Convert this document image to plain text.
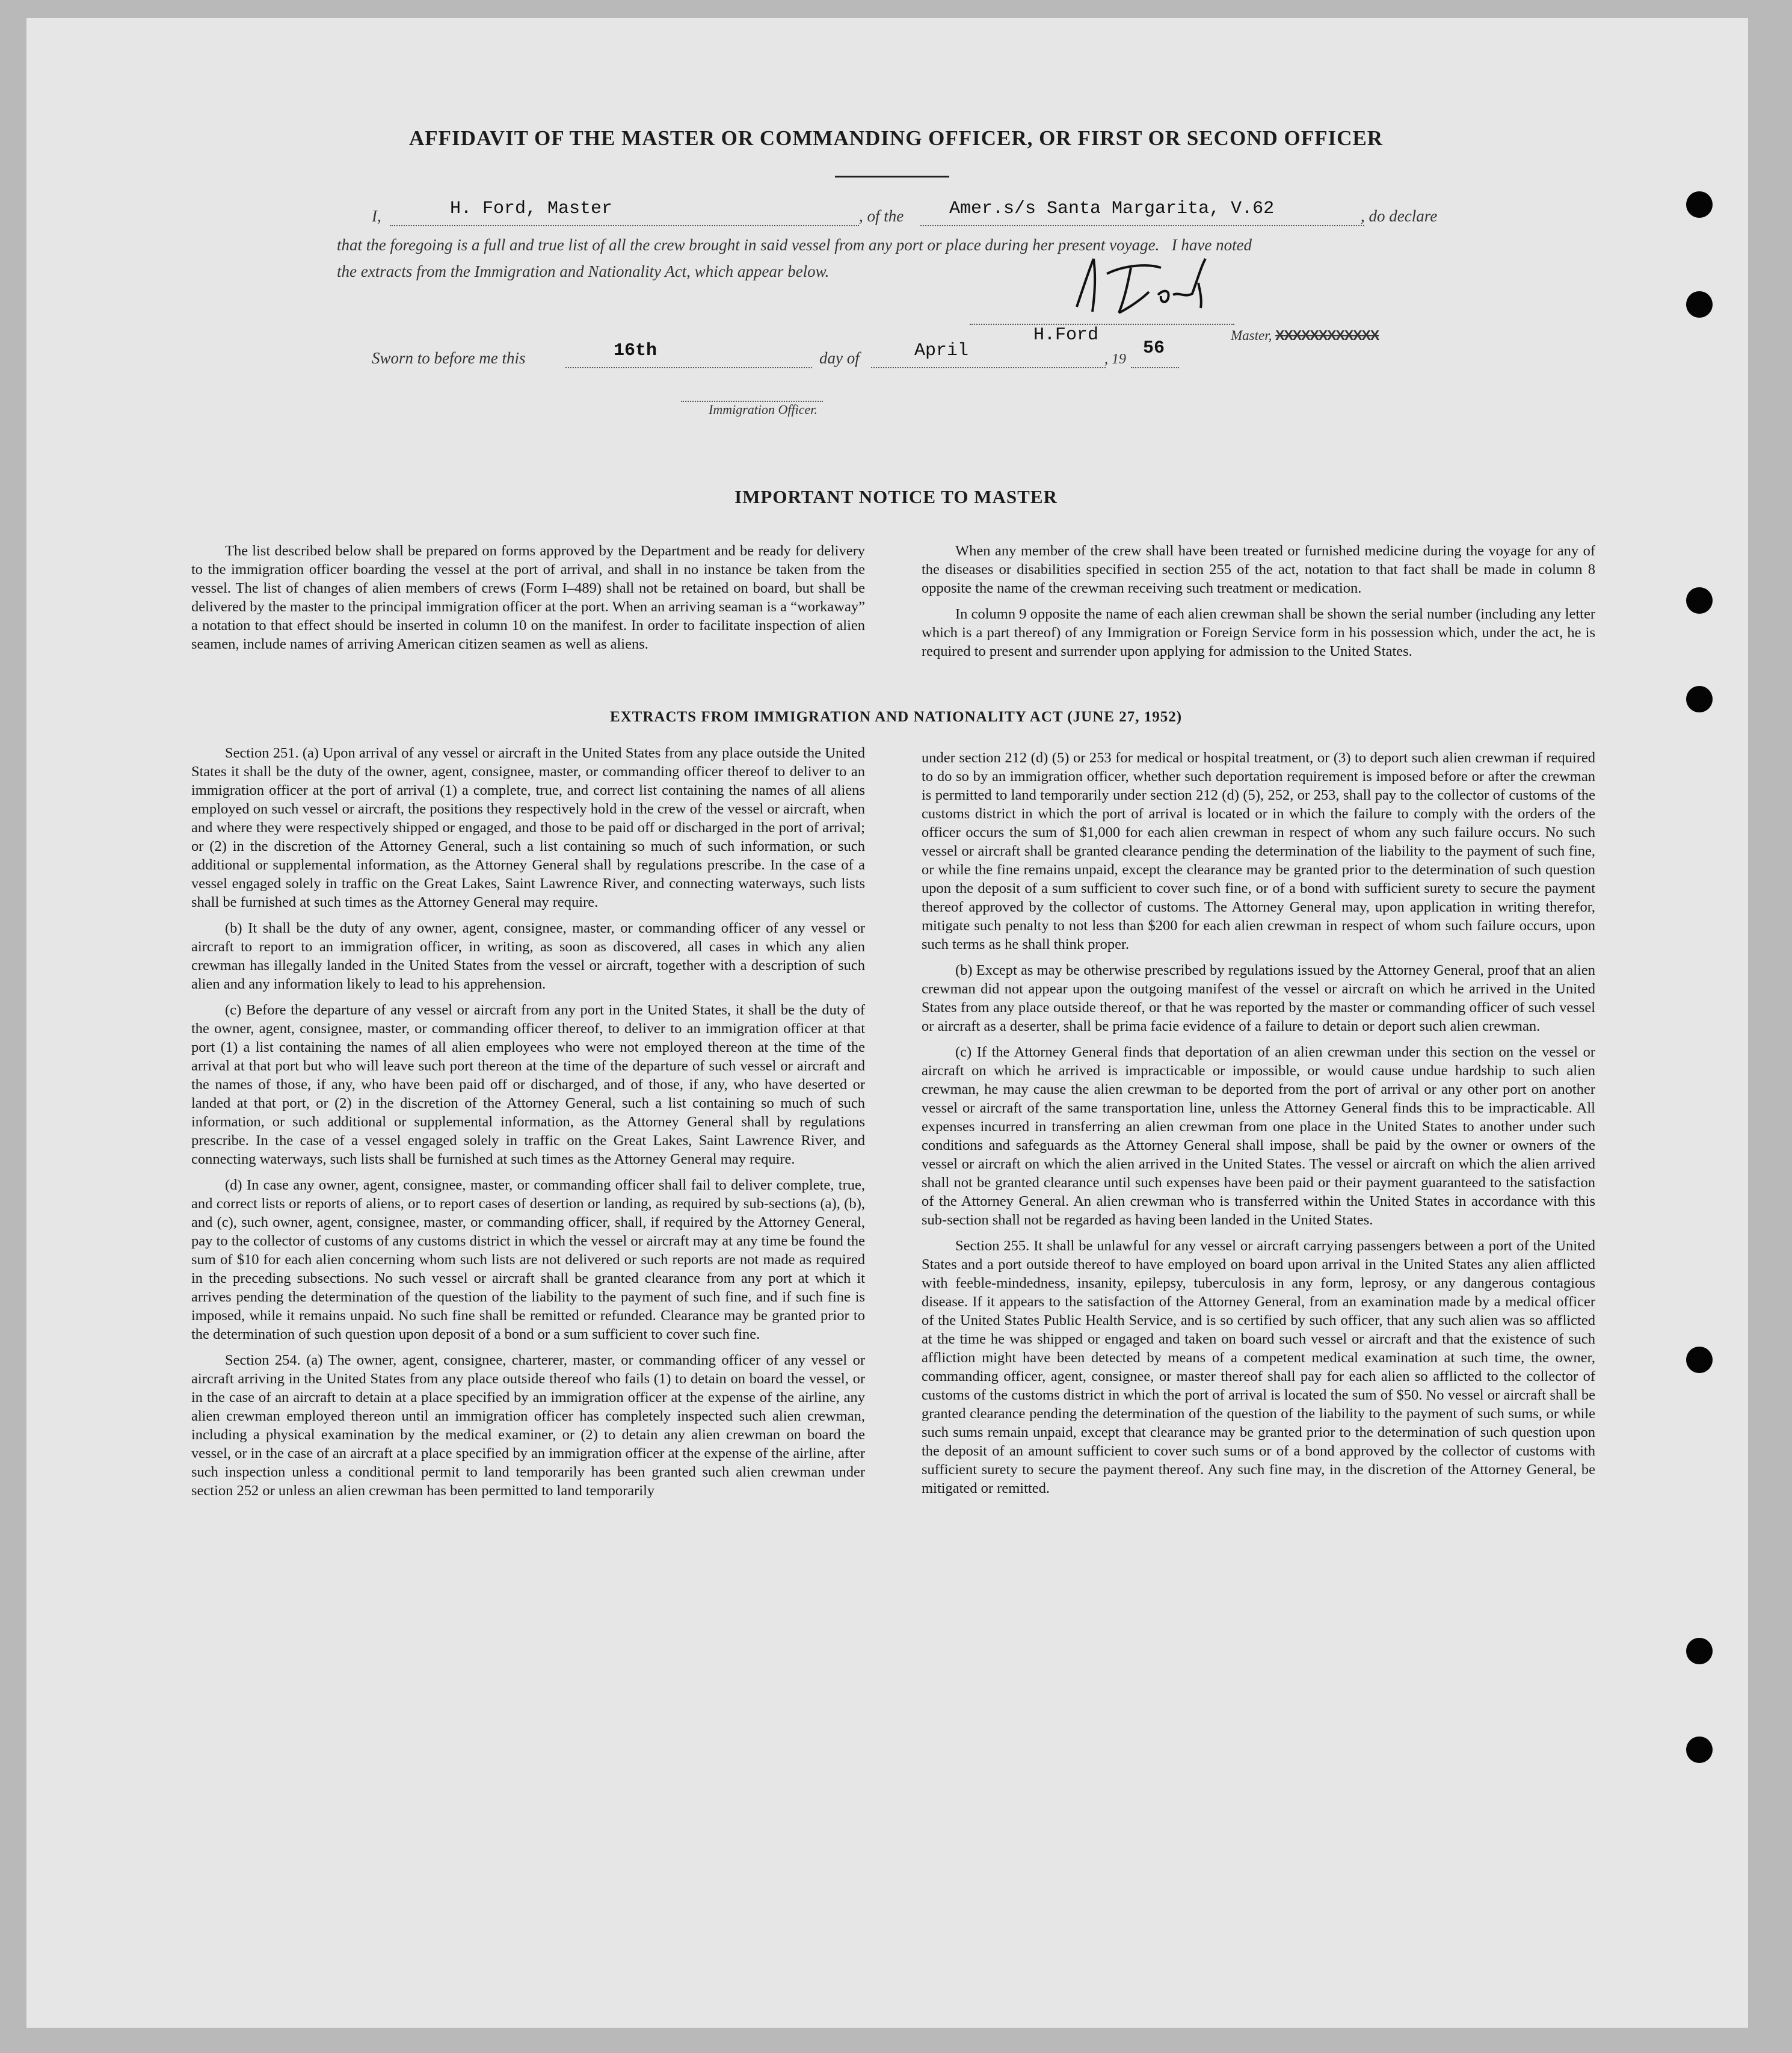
AFFIDAVIT OF THE MASTER OR COMMANDING OFFICER, OR FIRST OR SECOND OFFICER
I,	H. Ford, Master	, of the	Amer.s/s Santa Margarita, V.62	, do declare
that the foregoing is a full and true list of all the crew brought in said vessel from any port or place during her present voyage.   I have noted
the extracts from the Immigration and Nationality Act, which appear below.
H.Ford	Master, XXXXXXXXXXXX
Sworn to before me this	16th	day of	April	, 19
56
Immigration Officer.
IMPORTANT NOTICE TO MASTER

The list described below shall be prepared on forms approved by the Department and be ready for delivery to the immigration officer boarding the vessel at the port of arrival, and shall in no instance be taken from the vessel. The list of changes of alien members of crews (Form I–489) shall not be retained on board, but shall be delivered by the master to the principal immigration officer at the port. When an arriving seaman is a “workaway” a notation to that effect should be inserted in column 10 on the manifest. In order to facilitate inspection of alien seamen, include names of arriving American citizen seamen as well as aliens.

When any member of the crew shall have been treated or furnished medicine during the voyage for any of the diseases or disabilities specified in section 255 of the act, notation to that fact shall be made in column 8 opposite the name of the crewman receiving such treatment or medication.

In column 9 opposite the name of each alien crewman shall be shown the serial number (including any letter which is a part thereof) of any Immigration or Foreign Service form in his possession which, under the act, he is required to present and surrender upon applying for admission to the United States.

EXTRACTS FROM IMMIGRATION AND NATIONALITY ACT (JUNE 27, 1952)

Section 251. (a) Upon arrival of any vessel or aircraft in the United States from any place outside the United States it shall be the duty of the owner, agent, consignee, master, or commanding officer thereof to deliver to an immigration officer at the port of arrival (1) a complete, true, and correct list containing the names of all aliens employed on such vessel or aircraft, the positions they respectively hold in the crew of the vessel or aircraft, when and where they were respectively shipped or engaged, and those to be paid off or discharged in the port of arrival; or (2) in the discretion of the Attorney General, such a list containing so much of such information, or such additional or supplemental information, as the Attorney General shall by regulations prescribe. In the case of a vessel engaged solely in traffic on the Great Lakes, Saint Lawrence River, and connecting waterways, such lists shall be furnished at such times as the Attorney General may require.

(b) It shall be the duty of any owner, agent, consignee, master, or commanding officer of any vessel or aircraft to report to an immigration officer, in writing, as soon as discovered, all cases in which any alien crewman has illegally landed in the United States from the vessel or aircraft, together with a description of such alien and any information likely to lead to his apprehension.

(c) Before the departure of any vessel or aircraft from any port in the United States, it shall be the duty of the owner, agent, consignee, master, or commanding officer thereof, to deliver to an immigration officer at that port (1) a list containing the names of all alien employees who were not employed thereon at the time of the arrival at that port but who will leave such port thereon at the time of the departure of such vessel or aircraft and the names of those, if any, who have been paid off or discharged, and of those, if any, who have deserted or landed at that port, or (2) in the discretion of the Attorney General, such a list containing so much of such information, or such additional or supplemental information, as the Attorney General shall by regulations prescribe. In the case of a vessel engaged solely in traffic on the Great Lakes, Saint Lawrence River, and connecting waterways, such lists shall be furnished at such times as the Attorney General may require.

(d) In case any owner, agent, consignee, master, or commanding officer shall fail to deliver complete, true, and correct lists or reports of aliens, or to report cases of desertion or landing, as required by sub-sections (a), (b), and (c), such owner, agent, consignee, master, or commanding officer, shall, if required by the Attorney General, pay to the collector of customs of any customs district in which the vessel or aircraft may at any time be found the sum of $10 for each alien concerning whom such lists are not delivered or such reports are not made as required in the preceding subsections. No such vessel or aircraft shall be granted clearance from any port at which it arrives pending the determination of the question of the liability to the payment of such fine, and if such fine is imposed, while it remains unpaid. No such fine shall be remitted or refunded. Clearance may be granted prior to the determination of such question upon deposit of a bond or a sum sufficient to cover such fine.

Section 254. (a) The owner, agent, consignee, charterer, master, or commanding officer of any vessel or aircraft arriving in the United States from any place outside thereof who fails (1) to detain on board the vessel, or in the case of an aircraft to detain at a place specified by an immigration officer at the expense of the airline, any alien crewman employed thereon until an immigration officer has completely inspected such alien crewman, including a physical examination by the medical examiner, or (2) to detain any alien crewman on board the vessel, or in the case of an aircraft at a place specified by an immigration officer at the expense of the airline, after such inspection unless a conditional permit to land temporarily has been granted such alien crewman under section 252 or unless an alien crewman has been permitted to land temporarily

under section 212 (d) (5) or 253 for medical or hospital treatment, or (3) to deport such alien crewman if required to do so by an immigration officer, whether such deportation requirement is imposed before or after the crewman is permitted to land temporarily under section 212 (d) (5), 252, or 253, shall pay to the collector of customs of the customs district in which the port of arrival is located or in which the failure to comply with the orders of the officer occurs the sum of $1,000 for each alien crewman in respect of whom any such failure occurs. No such vessel or aircraft shall be granted clearance pending the determination of the liability to the payment of such fine, or while the fine remains unpaid, except the clearance may be granted prior to the determination of such question upon the deposit of a sum sufficient to cover such fine, or of a bond with sufficient surety to secure the payment thereof approved by the collector of customs. The Attorney General may, upon application in writing therefor, mitigate such penalty to not less than $200 for each alien crewman in respect of whom such failure occurs, upon such terms as he shall think proper.

(b) Except as may be otherwise prescribed by regulations issued by the Attorney General, proof that an alien crewman did not appear upon the outgoing manifest of the vessel or aircraft on which he arrived in the United States from any place outside thereof, or that he was reported by the master or commanding officer of such vessel or aircraft as a deserter, shall be prima facie evidence of a failure to detain or deport such alien crewman.

(c) If the Attorney General finds that deportation of an alien crewman under this section on the vessel or aircraft on which he arrived is impracticable or impossible, or would cause undue hardship to such alien crewman, he may cause the alien crewman to be deported from the port of arrival or any other port on another vessel or aircraft of the same transportation line, unless the Attorney General finds this to be impracticable. All expenses incurred in transferring an alien crewman from one place in the United States to another under such conditions and safeguards as the Attorney General shall impose, shall be paid by the owner or owners of the vessel or aircraft on which the alien arrived in the United States. The vessel or aircraft on which the alien arrived shall not be granted clearance until such expenses have been paid or their payment guaranteed to the satisfaction of the Attorney General. An alien crewman who is transferred within the United States in accordance with this sub-section shall not be regarded as having been landed in the United States.

Section 255. It shall be unlawful for any vessel or aircraft carrying passengers between a port of the United States and a port outside thereof to have employed on board upon arrival in the United States any alien afflicted with feeble-mindedness, insanity, epilepsy, tuberculosis in any form, leprosy, or any dangerous contagious disease. If it appears to the satisfaction of the Attorney General, from an examination made by a medical officer of the United States Public Health Service, and is so certified by such officer, that any such alien was so afflicted at the time he was shipped or engaged and taken on board such vessel or aircraft and that the existence of such affliction might have been detected by means of a competent medical examination at such time, the owner, commanding officer, agent, consignee, or master thereof shall pay for each alien so afflicted to the collector of customs of the customs district in which the port of arrival is located the sum of $50. No vessel or aircraft shall be granted clearance pending the determination of the question of the liability to the payment of such sums, or while such sums remain unpaid, except that clearance may be granted prior to the determination of such question upon the deposit of an amount sufficient to cover such sums or of a bond approved by the collector of customs with sufficient surety to secure the payment thereof. Any such fine may, in the discretion of the Attorney General, be mitigated or remitted.
